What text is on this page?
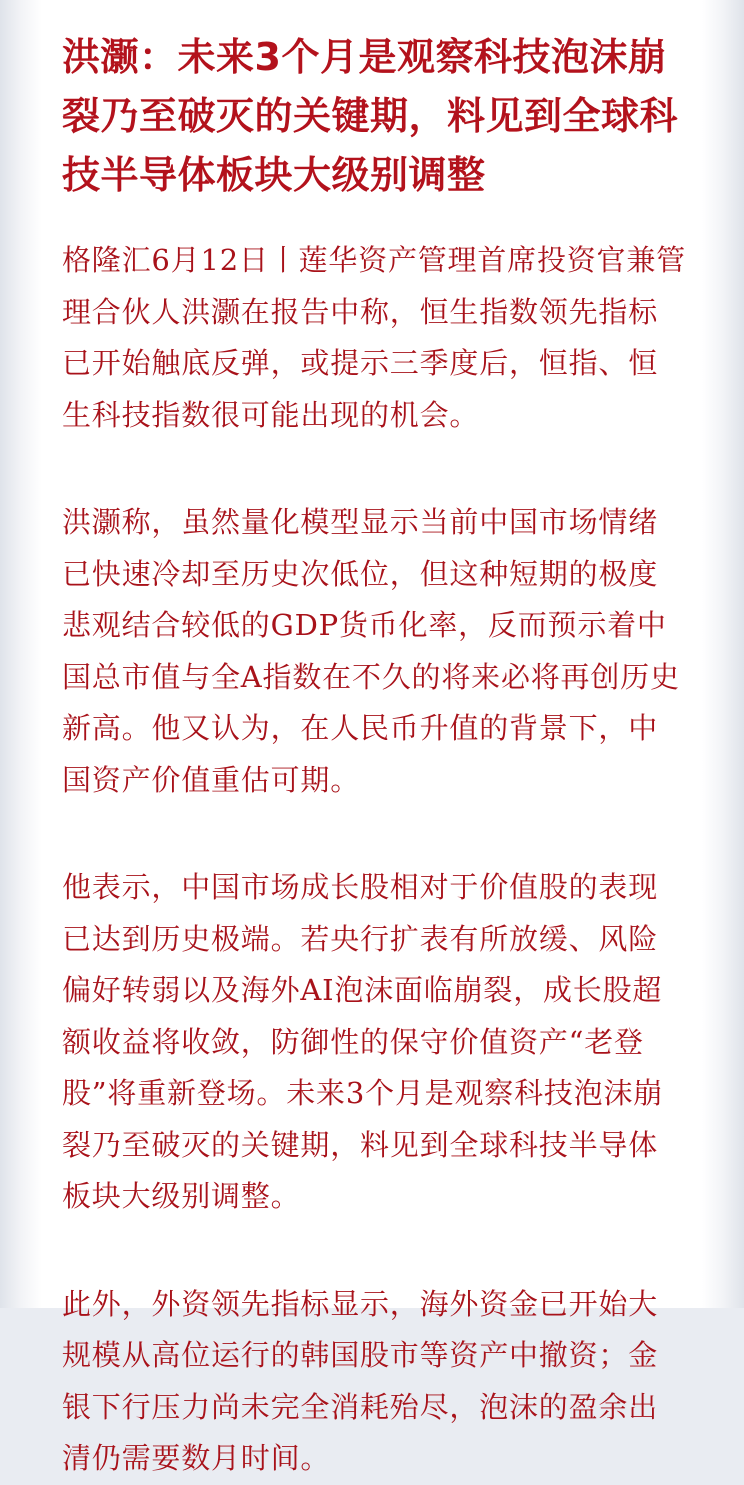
洪灏：未来3个月是观察科技泡沫崩裂乃至破灭的关键期，料见到全球科技半导体板块大级别调整

格隆汇6月12日丨莲华资产管理首席投资官兼管理合伙人洪灏在报告中称，恒生指数领先指标已开始触底反弹，或提示三季度后，恒指、恒生科技指数很可能出现的机会。

洪灏称，虽然量化模型显示当前中国市场情绪已快速冷却至历史次低位，但这种短期的极度悲观结合较低的GDP货币化率，反而预示着中国总市值与全A指数在不久的将来必将再创历史新高。他又认为，在人民币升值的背景下，中国资产价值重估可期。

他表示，中国市场成长股相对于价值股的表现已达到历史极端。若央行扩表有所放缓、风险偏好转弱以及海外AI泡沫面临崩裂，成长股超额收益将收敛，防御性的保守价值资产“老登股”将重新登场。未来3个月是观察科技泡沫崩裂乃至破灭的关键期，料见到全球科技半导体板块大级别调整。

此外，外资领先指标显示，海外资金已开始大规模从高位运行的韩国股市等资产中撤资；金银下行压力尚未完全消耗殆尽，泡沫的盈余出清仍需要数月时间。
